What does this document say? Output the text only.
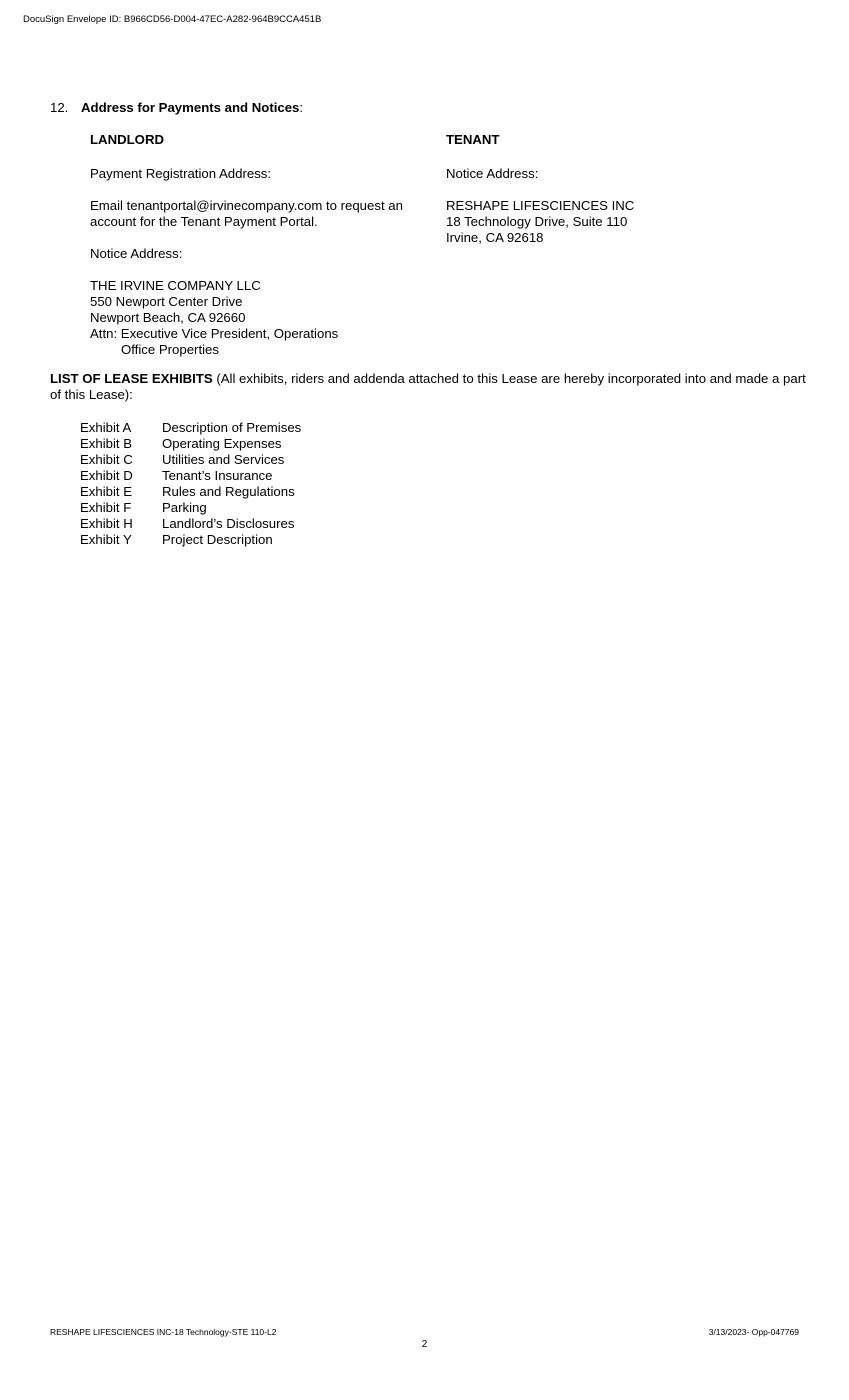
DocuSign Envelope ID: B966CD56-D004-47EC-A282-964B9CCA451B
12. Address for Payments and Notices:
LANDLORD
Payment Registration Address:
Email tenantportal@irvinecompany.com to request an
account for the Tenant Payment Portal.
Notice Address:
THE IRVINE COMPANY LLC
550 Newport Center Drive
Newport Beach, CA 92660
Attn: Executive Vice President, Operations
Office Properties
TENANT
Notice Address:
RESHAPE LIFESCIENCES INC
18 Technology Drive, Suite 110
Irvine, CA 92618
LIST OF LEASE EXHIBITS (All exhibits, riders and addenda attached to this Lease are hereby incorporated into and made a part of this Lease):
Exhibit A	Description of Premises
Exhibit B	Operating Expenses
Exhibit C	Utilities and Services
Exhibit D	Tenant’s Insurance
Exhibit E	Rules and Regulations
Exhibit F	Parking
Exhibit H	Landlord’s Disclosures
Exhibit Y	Project Description
RESHAPE LIFESCIENCES INC-18 Technology-STE 110-L2	3/13/2023- Opp-047769
2
